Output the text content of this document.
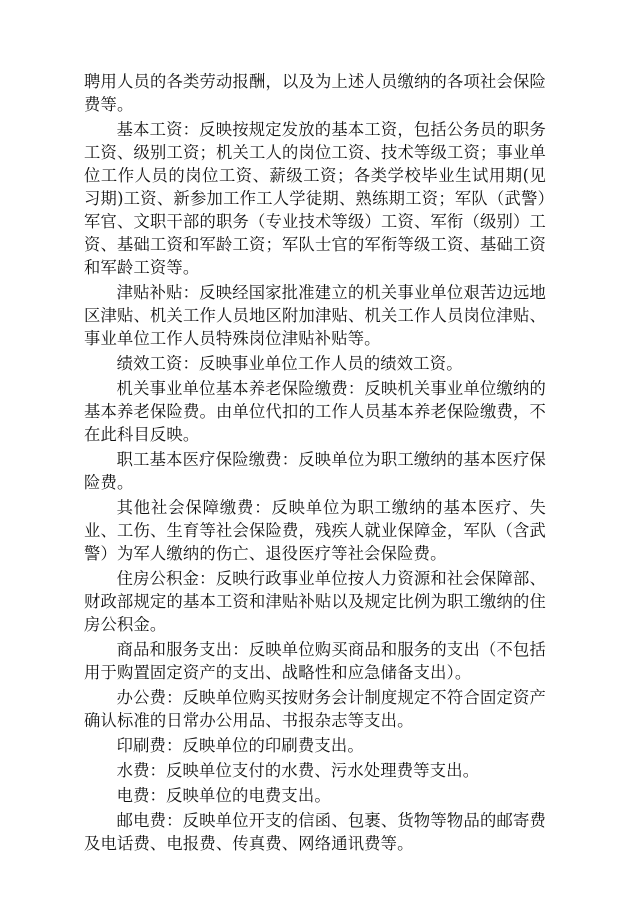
聘用人员的各类劳动报酬，以及为上述人员缴纳的各项社会保险费等。

基本工资：反映按规定发放的基本工资，包括公务员的职务工资、级别工资；机关工人的岗位工资、技术等级工资；事业单位工作人员的岗位工资、薪级工资；各类学校毕业生试用期(见习期)工资、新参加工作工人学徒期、熟练期工资；军队（武警）军官、文职干部的职务（专业技术等级）工资、军衔（级别）工资、基础工资和军龄工资；军队士官的军衔等级工资、基础工资和军龄工资等。

津贴补贴：反映经国家批准建立的机关事业单位艰苦边远地区津贴、机关工作人员地区附加津贴、机关工作人员岗位津贴、事业单位工作人员特殊岗位津贴补贴等。

绩效工资：反映事业单位工作人员的绩效工资。

机关事业单位基本养老保险缴费：反映机关事业单位缴纳的基本养老保险费。由单位代扣的工作人员基本养老保险缴费，不在此科目反映。

职工基本医疗保险缴费：反映单位为职工缴纳的基本医疗保险费。

其他社会保障缴费：反映单位为职工缴纳的基本医疗、失业、工伤、生育等社会保险费，残疾人就业保障金，军队（含武警）为军人缴纳的伤亡、退役医疗等社会保险费。

住房公积金：反映行政事业单位按人力资源和社会保障部、财政部规定的基本工资和津贴补贴以及规定比例为职工缴纳的住房公积金。

商品和服务支出：反映单位购买商品和服务的支出（不包括用于购置固定资产的支出、战略性和应急储备支出）。

办公费：反映单位购买按财务会计制度规定不符合固定资产确认标准的日常办公用品、书报杂志等支出。

印刷费：反映单位的印刷费支出。

水费：反映单位支付的水费、污水处理费等支出。

电费：反映单位的电费支出。

邮电费：反映单位开支的信函、包裹、货物等物品的邮寄费及电话费、电报费、传真费、网络通讯费等。
